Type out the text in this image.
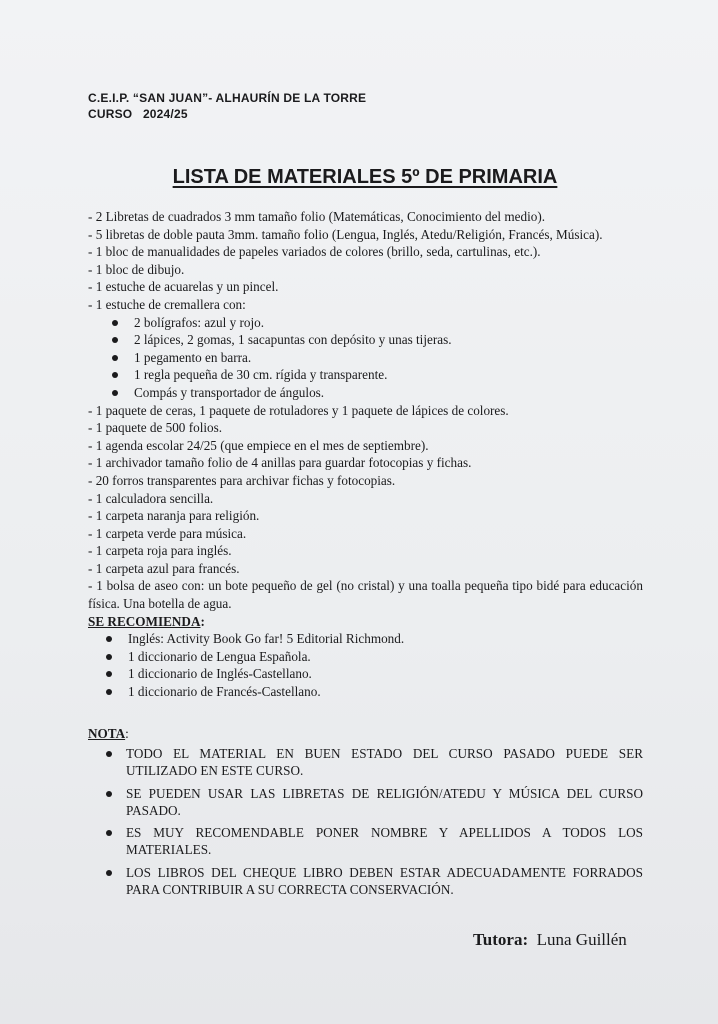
C.E.I.P. “SAN JUAN”- ALHAURÍN DE LA TORRE
CURSO   2024/25
LISTA DE MATERIALES 5º DE PRIMARIA
- 2 Libretas de cuadrados 3 mm tamaño folio (Matemáticas, Conocimiento del medio).
- 5 libretas de doble pauta 3mm. tamaño folio (Lengua, Inglés, Atedu/Religión, Francés, Música).
- 1 bloc de manualidades de papeles variados de colores (brillo, seda, cartulinas, etc.).
- 1 bloc de dibujo.
- 1 estuche de acuarelas y un pincel.
- 1 estuche de cremallera con:
2 bolígrafos: azul y rojo.
2 lápices, 2 gomas, 1 sacapuntas con depósito y unas tijeras.
1 pegamento en barra.
1 regla pequeña de 30 cm. rígida y transparente.
Compás y transportador de ángulos.
- 1 paquete de ceras, 1 paquete de rotuladores y 1 paquete de lápices de colores.
- 1 paquete de 500 folios.
- 1 agenda escolar 24/25 (que empiece en el mes de septiembre).
- 1 archivador tamaño folio de 4 anillas para guardar fotocopias y fichas.
- 20 forros transparentes para archivar fichas y fotocopias.
- 1 calculadora sencilla.
- 1 carpeta naranja para religión.
- 1 carpeta verde para música.
- 1 carpeta roja para inglés.
- 1 carpeta azul para francés.
- 1 bolsa de aseo con: un bote pequeño de gel (no cristal) y una toalla pequeña tipo bidé para educación física. Una botella de agua.
SE RECOMIENDA:
Inglés: Activity Book Go far! 5 Editorial Richmond.
1 diccionario de Lengua Española.
1 diccionario de Inglés-Castellano.
1 diccionario de Francés-Castellano.
NOTA:
TODO EL MATERIAL EN BUEN ESTADO DEL CURSO PASADO PUEDE SER UTILIZADO EN ESTE CURSO.
SE PUEDEN USAR LAS LIBRETAS DE RELIGIÓN/ATEDU Y MÚSICA DEL CURSO PASADO.
ES MUY RECOMENDABLE PONER NOMBRE Y APELLIDOS A TODOS LOS MATERIALES.
LOS LIBROS DEL CHEQUE LIBRO DEBEN ESTAR ADECUADAMENTE FORRADOS PARA CONTRIBUIR A SU CORRECTA CONSERVACIÓN.
Tutora: Luna Guillén
